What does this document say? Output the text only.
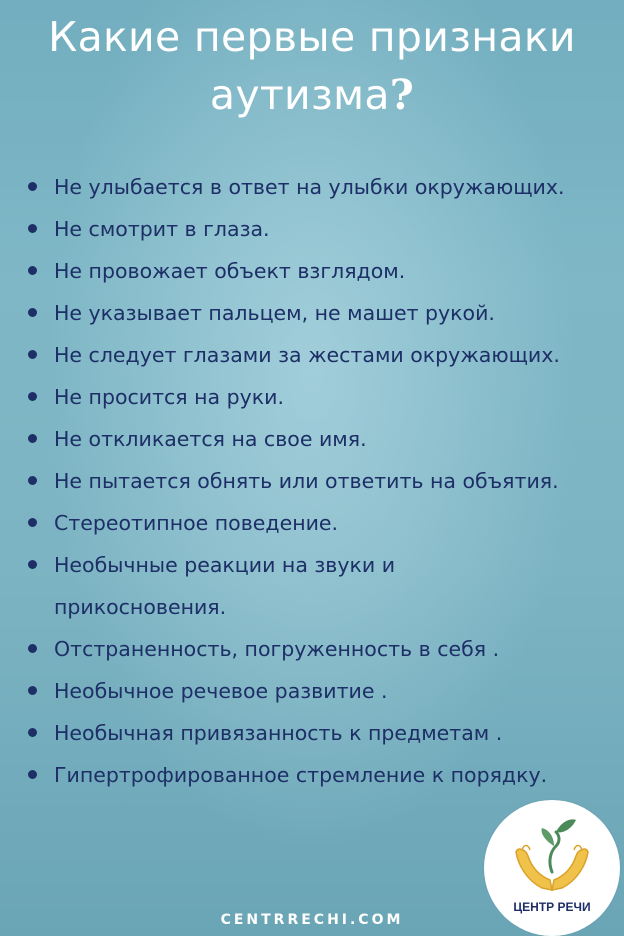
Какие первые признаки
аутизма?
Не улыбается в ответ на улыбки окружающих.
Не смотрит в глаза.
Не провожает объект взглядом.
Не указывает пальцем, не машет рукой.
Не следует глазами за жестами окружающих.
Не просится на руки.
Не откликается на свое имя.
Не пытается обнять или ответить на объятия.
Стереотипное поведение.
Необычные реакции на звуки и прикосновения.
Отстраненность, погруженность в себя .
Необычное речевое развитие .
Необычная привязанность к предметам .
Гипертрофированное стремление к порядку.
ЦЕНТР РЕЧИ
CENTRRECHI.COM
